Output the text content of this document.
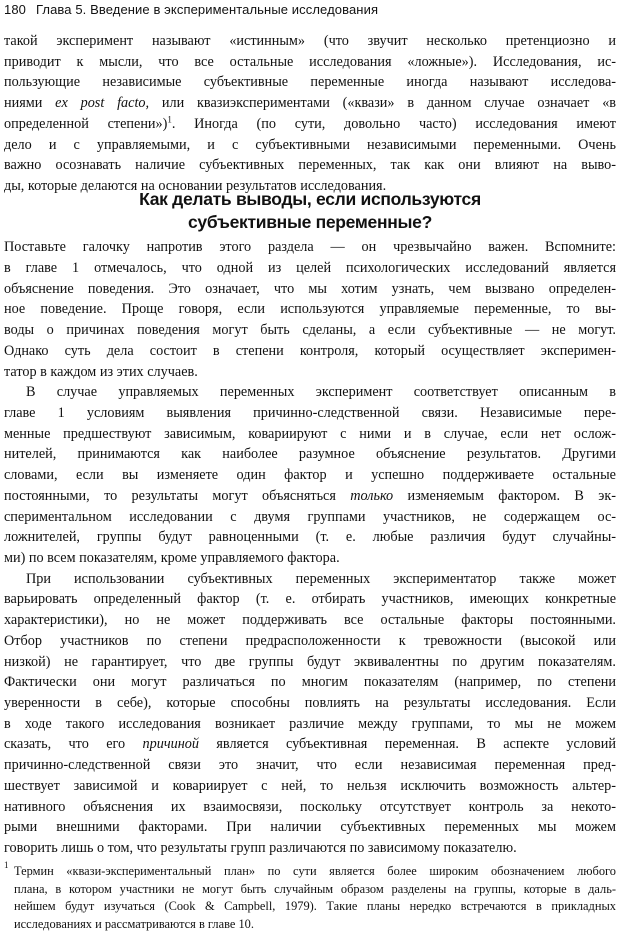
180 Глава 5. Введение в экспериментальные исследования
такой эксперимент называют «истинным» (что звучит несколько претенциозно и
приводит к мысли, что все остальные исследования «ложные»). Исследования, ис-
пользующие независимые субъективные переменные иногда называют исследова-
ниями ex post facto, или квазиэкспериментами («квази» в данном случае означает «в
определенной степени»)$^1$. Иногда (по сути, довольно часто) исследования имеют
дело и с управляемыми, и с субъективными независимыми переменными. Очень
важно осознавать наличие субъективных переменных, так как они влияют на выво-
ды, которые делаются на основании результатов исследования.
Как делать выводы, если используются
субъективные переменные?
Поставьте галочку напротив этого раздела — он чрезвычайно важен. Вспомните:
в главе 1 отмечалось, что одной из целей психологических исследований является
объяснение поведения. Это означает, что мы хотим узнать, чем вызвано определен-
ное поведение. Проще говоря, если используются управляемые переменные, то вы-
воды о причинах поведения могут быть сделаны, а если субъективные — не могут.
Однако суть дела состоит в степени контроля, который осуществляет эксперимен-
татор в каждом из этих случаев.
В случае управляемых переменных эксперимент соответствует описанным в
главе 1 условиям выявления причинно-следственной связи. Независимые пере-
менные предшествуют зависимым, ковариируют с ними и в случае, если нет ослож-
нителей, принимаются как наиболее разумное объяснение результатов. Другими
словами, если вы изменяете один фактор и успешно поддерживаете остальные
постоянными, то результаты могут объясняться только изменяемым фактором. В эк-
спериментальном исследовании с двумя группами участников, не содержащем ос-
ложнителей, группы будут равноценными (т. е. любые различия будут случайны-
ми) по всем показателям, кроме управляемого фактора.
При использовании субъективных переменных экспериментатор также может
варьировать определенный фактор (т. е. отбирать участников, имеющих конкретные
характеристики), но не может поддерживать все остальные факторы постоянными.
Отбор участников по степени предрасположенности к тревожности (высокой или
низкой) не гарантирует, что две группы будут эквивалентны по другим показателям.
Фактически они могут различаться по многим показателям (например, по степени
уверенности в себе), которые способны повлиять на результаты исследования. Если
в ходе такого исследования возникает различие между группами, то мы не можем
сказать, что его причиной является субъективная переменная. В аспекте условий
причинно-следственной связи это значит, что если независимая переменная пред-
шествует зависимой и ковариирует с ней, то нельзя исключить возможность альтер-
нативного объяснения их взаимосвязи, поскольку отсутствует контроль за некото-
рыми внешними факторами. При наличии субъективных переменных мы можем
говорить лишь о том, что результаты групп различаются по зависимому показателю.
1 Термин «квази-экспериментальный план» по сути является более широким обозначением любого
плана, в котором участники не могут быть случайным образом разделены на группы, которые в даль-
нейшем будут изучаться (Cook & Campbell, 1979). Такие планы нередко встречаются в прикладных
исследованиях и рассматриваются в главе 10.
